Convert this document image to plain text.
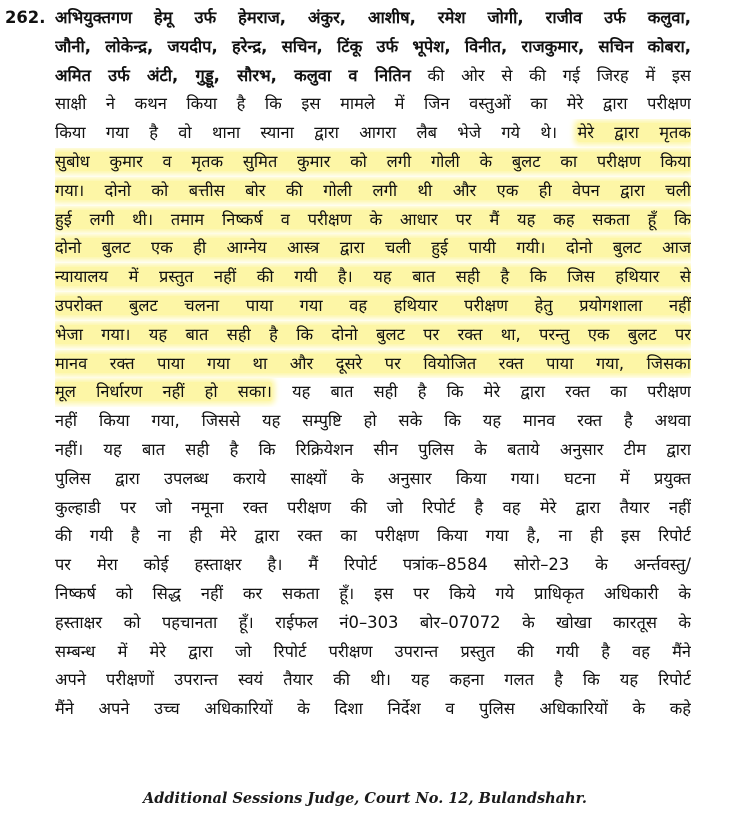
262. अभियुक्तगण हेमू उर्फ हेमराज, अंकुर, आशीष, रमेश जोगी, राजीव उर्फ कलुवा,
जौनी, लोकेन्द्र, जयदीप, हरेन्द्र, सचिन, टिंकू उर्फ भूपेश, विनीत, राजकुमार, सचिन कोबरा,
अमित उर्फ अंटी, गुड्डू, सौरभ, कलुवा व नितिन की ओर से की गई जिरह में इस
साक्षी ने कथन किया है कि इस मामले में जिन वस्तुओं का मेरे द्वारा परीक्षण
किया गया है वो थाना स्याना द्वारा आगरा लैब भेजे गये थे। मेरे द्वारा मृतक
सुबोध कुमार व मृतक सुमित कुमार को लगी गोली के बुलट का परीक्षण किया
गया। दोनो को बत्तीस बोर की गोली लगी थी और एक ही वेपन द्वारा चली
हुई लगी थी। तमाम निष्कर्ष व परीक्षण के आधार पर मैं यह कह सकता हूँ कि
दोनो बुलट एक ही आग्नेय आस्त्र द्वारा चली हुई पायी गयी। दोनो बुलट आज
न्यायालय में प्रस्तुत नहीं की गयी है। यह बात सही है कि जिस हथियार से
उपरोक्त बुलट चलना पाया गया वह हथियार परीक्षण हेतु प्रयोगशाला नहीं
भेजा गया। यह बात सही है कि दोनो बुलट पर रक्त था, परन्तु एक बुलट पर
मानव रक्त पाया गया था और दूसरे पर वियोजित रक्त पाया गया, जिसका
मूल निर्धारण नहीं हो सका। यह बात सही है कि मेरे द्वारा रक्त का परीक्षण
नहीं किया गया, जिससे यह सम्पुष्टि हो सके कि यह मानव रक्त है अथवा
नहीं। यह बात सही है कि रिक्रियेशन सीन पुलिस के बताये अनुसार टीम द्वारा
पुलिस द्वारा उपलब्ध कराये साक्ष्यों के अनुसार किया गया। घटना में प्रयुक्त
कुल्हाडी पर जो नमूना रक्त परीक्षण की जो रिपोर्ट है वह मेरे द्वारा तैयार नहीं
की गयी है ना ही मेरे द्वारा रक्त का परीक्षण किया गया है, ना ही इस रिपोर्ट
पर मेरा कोई हस्ताक्षर है। मैं रिपोर्ट पत्रांक–8584 सोरो–23 के अर्न्तवस्तु/
निष्कर्ष को सिद्ध नहीं कर सकता हूँ। इस पर किये गये प्राधिकृत अधिकारी के
हस्ताक्षर को पहचानता हूँ। राईफल नं0–303 बोर–07072 के खोखा कारतूस के
सम्बन्ध में मेरे द्वारा जो रिपोर्ट परीक्षण उपरान्त प्रस्तुत की गयी है वह मैंने
अपने परीक्षणों उपरान्त स्वयं तैयार की थी। यह कहना गलत है कि यह रिपोर्ट
मैंने अपने उच्च अधिकारियों के दिशा निर्देश व पुलिस अधिकारियों के कहे
Additional Sessions Judge, Court No. 12, Bulandshahr.
